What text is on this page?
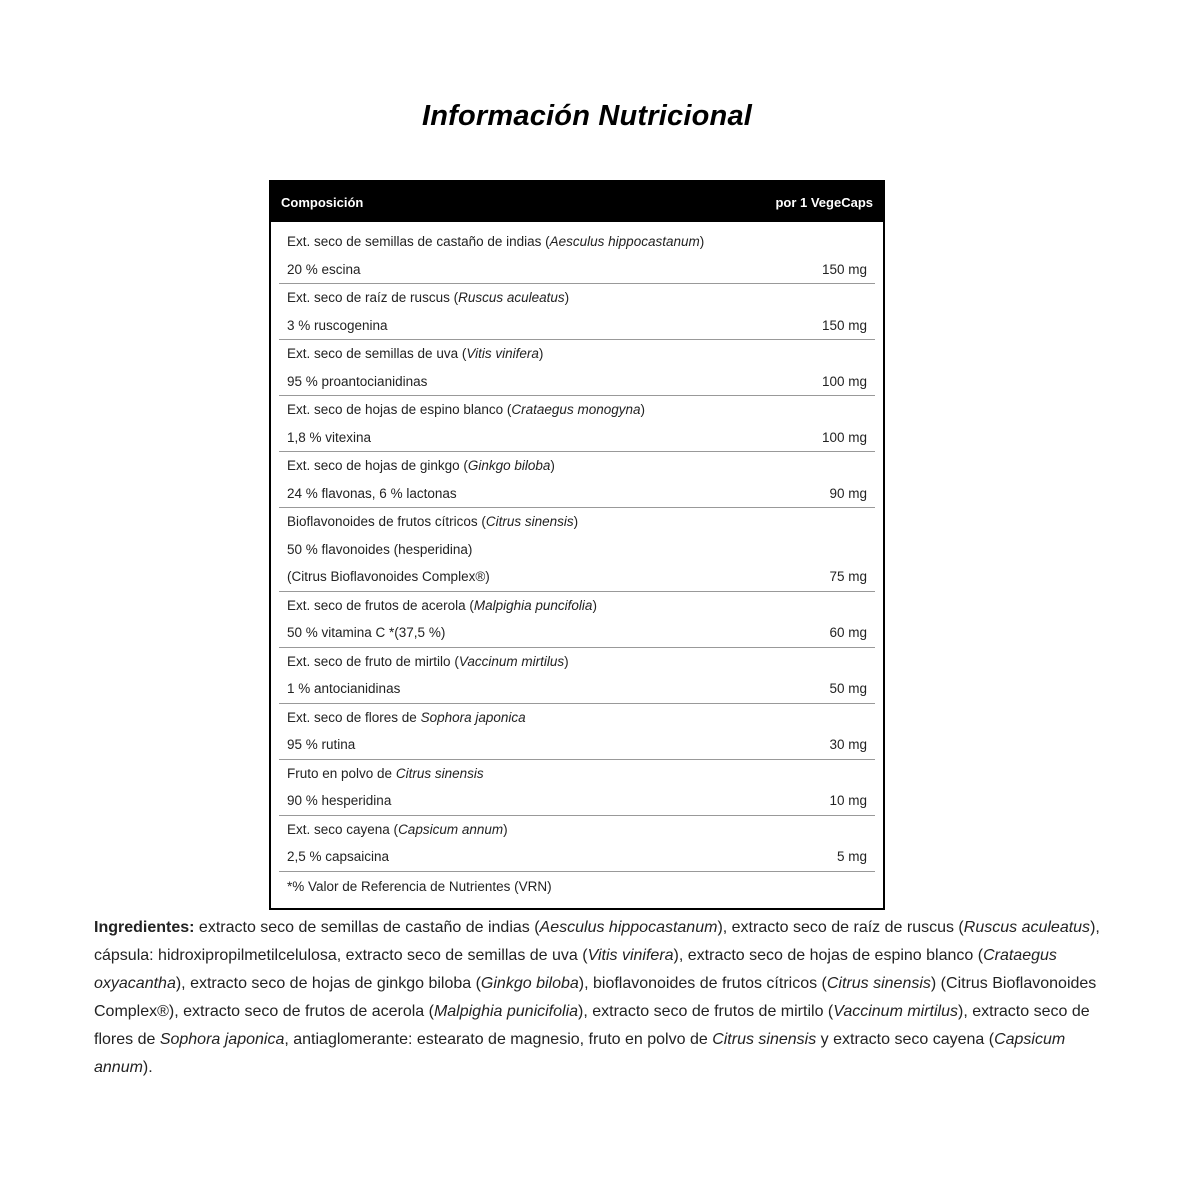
Información Nutricional
Composición	por 1 VegeCaps
Ext. seco de semillas de castaño de indias (Aesculus hippocastanum)
20 % escina	150 mg
Ext. seco de raíz de ruscus (Ruscus aculeatus)
3 % ruscogenina	150 mg
Ext. seco de semillas de uva (Vitis vinifera)
95 % proantocianidinas	100 mg
Ext. seco de hojas de espino blanco (Crataegus monogyna)
1,8 % vitexina	100 mg
Ext. seco de hojas de ginkgo (Ginkgo biloba)
24 % flavonas, 6 % lactonas	90 mg
Bioflavonoides de frutos cítricos (Citrus sinensis)
50 % flavonoides (hesperidina)
(Citrus Bioflavonoides Complex®)	75 mg
Ext. seco de frutos de acerola (Malpighia puncifolia)
50 % vitamina C *(37,5 %)	60 mg
Ext. seco de fruto de mirtilo (Vaccinum mirtilus)
1 % antocianidinas	50 mg
Ext. seco de flores de Sophora japonica
95 % rutina	30 mg
Fruto en polvo de Citrus sinensis
90 % hesperidina	10 mg
Ext. seco cayena (Capsicum annum)
2,5 % capsaicina	5 mg
*% Valor de Referencia de Nutrientes (VRN)

Ingredientes: extracto seco de semillas de castaño de indias (Aesculus hippocastanum), extracto seco de raíz de ruscus (Ruscus aculeatus), cápsula: hidroxipropilmetilcelulosa, extracto seco de semillas de uva (Vitis vinifera), extracto seco de hojas de espino blanco (Crataegus oxyacantha), extracto seco de hojas de ginkgo biloba (Ginkgo biloba), bioflavonoides de frutos cítricos (Citrus sinensis) (Citrus Bioflavonoides Complex®), extracto seco de frutos de acerola (Malpighia punicifolia), extracto seco de frutos de mirtilo (Vaccinum mirtilus), extracto seco de flores de Sophora japonica, antiaglomerante: estearato de magnesio, fruto en polvo de Citrus sinensis y extracto seco cayena (Capsicum annum).
